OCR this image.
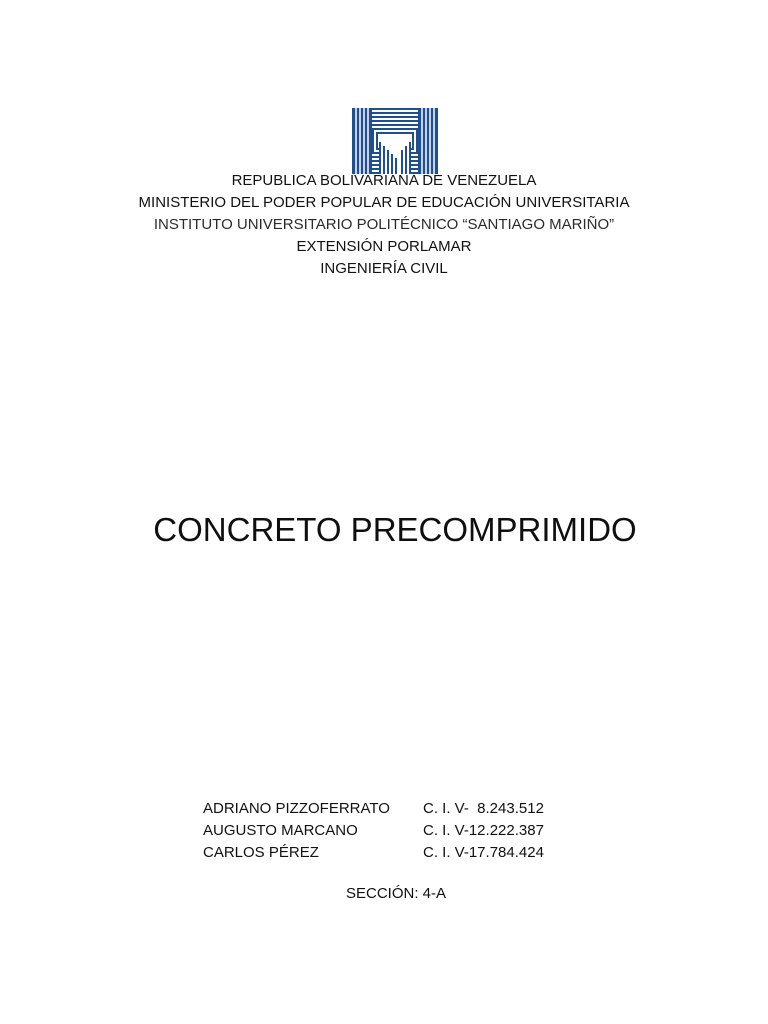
REPUBLICA BOLIVARIANA DE VENEZUELA
MINISTERIO DEL PODER POPULAR DE EDUCACIÓN UNIVERSITARIA
INSTITUTO UNIVERSITARIO POLITÉCNICO “SANTIAGO MARIÑO”
EXTENSIÓN PORLAMAR
INGENIERÍA CIVIL
CONCRETO PRECOMPRIMIDO
ADRIANO PIZZOFERRATO	C. I. V-  8.243.512
AUGUSTO MARCANO	C. I. V-12.222.387
CARLOS PÉREZ	C. I. V-17.784.424
SECCIÓN: 4-A
